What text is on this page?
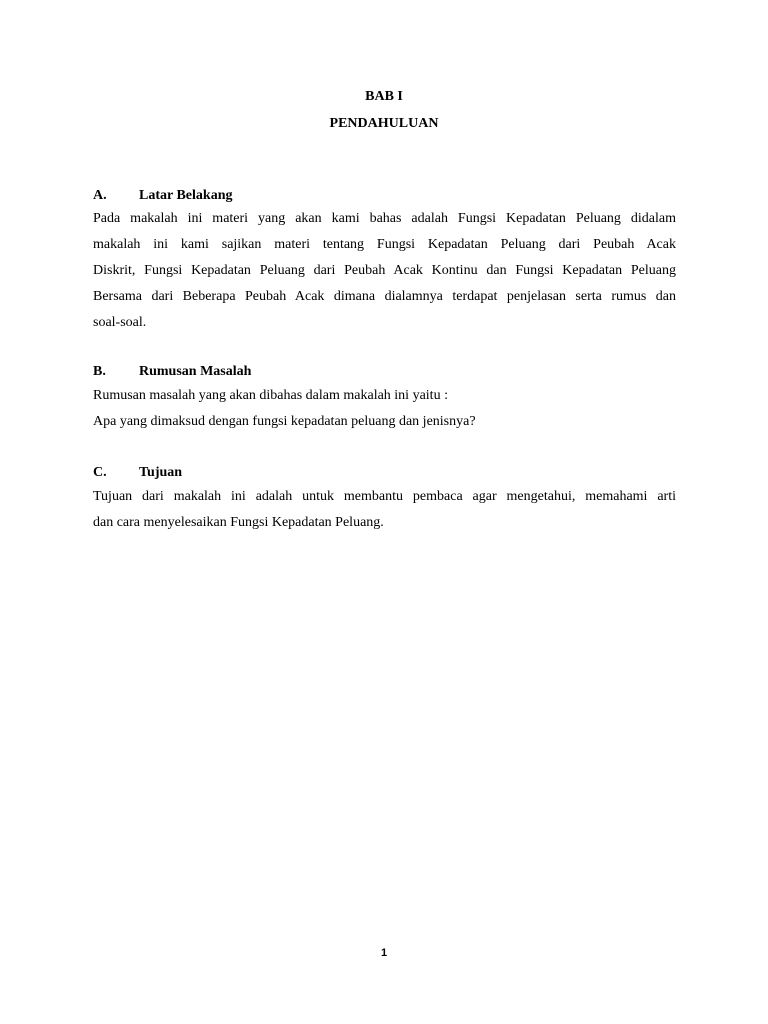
BAB I
PENDAHULUAN
A. Latar Belakang
Pada makalah ini materi yang akan kami bahas adalah Fungsi Kepadatan Peluang didalam
makalah ini kami sajikan materi tentang Fungsi Kepadatan Peluang dari Peubah Acak
Diskrit, Fungsi Kepadatan Peluang dari Peubah Acak Kontinu dan Fungsi Kepadatan Peluang
Bersama dari Beberapa Peubah Acak dimana dialamnya terdapat penjelasan serta rumus dan
soal-soal.
B. Rumusan Masalah
Rumusan masalah yang akan dibahas dalam makalah ini yaitu :
Apa yang dimaksud dengan fungsi kepadatan peluang dan jenisnya?
C. Tujuan
Tujuan dari makalah ini adalah untuk membantu pembaca agar mengetahui, memahami arti
dan cara menyelesaikan Fungsi Kepadatan Peluang.
1
